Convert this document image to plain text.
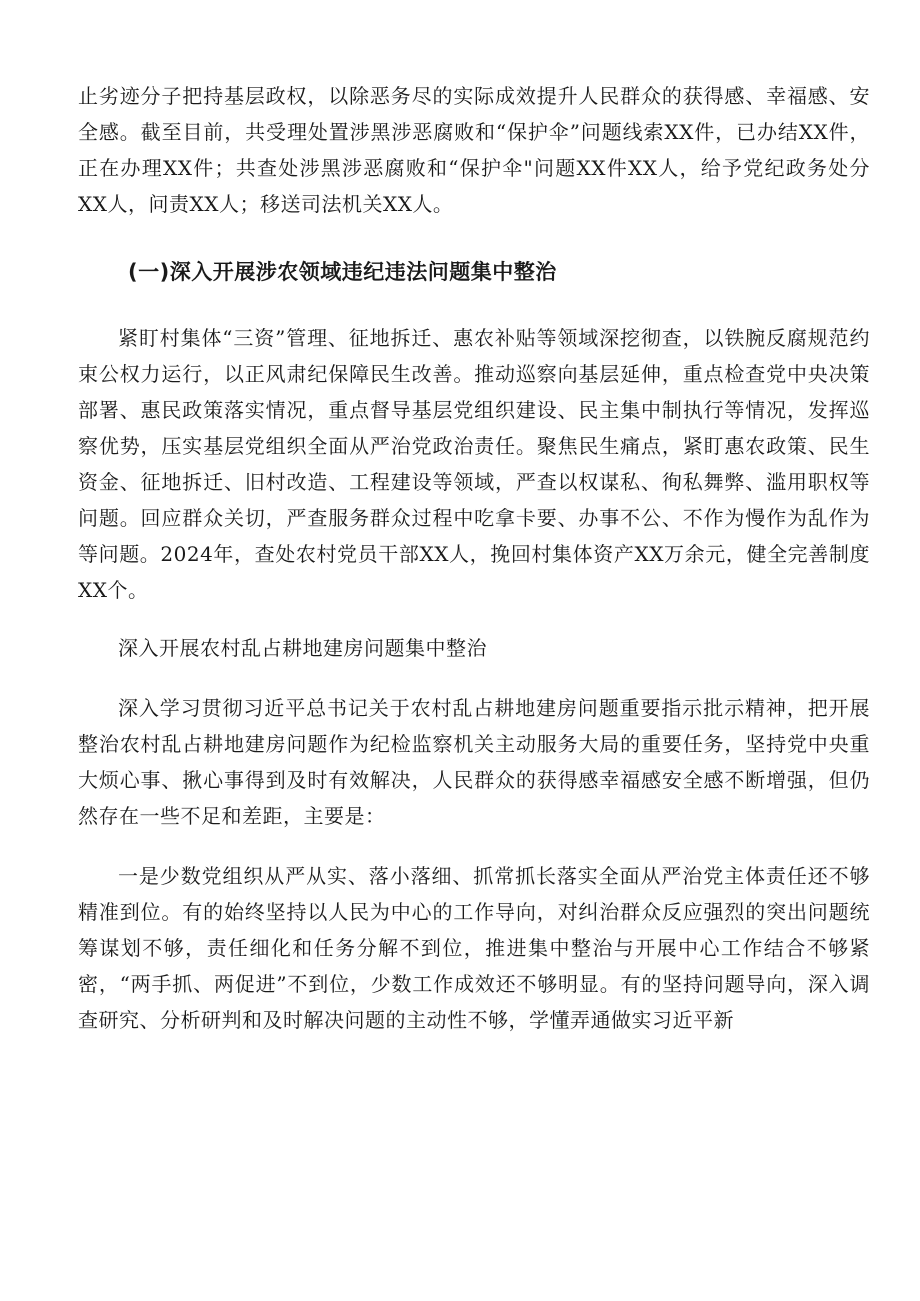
止劣迹分子把持基层政权，以除恶务尽的实际成效提升人民群众的获得感、幸福感、安全感。截至目前，共受理处置涉黑涉恶腐败和“保护伞”问题线索XX件，已办结XX件，正在办理XX件；共查处涉黑涉恶腐败和“保护伞"问题XX件XX人，给予党纪政务处分XX人，问责XX人；移送司法机关XX人。

(一)深入开展涉农领域违纪违法问题集中整治

紧盯村集体“三资”管理、征地拆迁、惠农补贴等领域深挖彻查，以铁腕反腐规范约束公权力运行，以正风肃纪保障民生改善。推动巡察向基层延伸，重点检查党中央决策部署、惠民政策落实情况，重点督导基层党组织建设、民主集中制执行等情况，发挥巡察优势，压实基层党组织全面从严治党政治责任。聚焦民生痛点，紧盯惠农政策、民生资金、征地拆迁、旧村改造、工程建设等领域，严查以权谋私、徇私舞弊、滥用职权等问题。回应群众关切，严查服务群众过程中吃拿卡要、办事不公、不作为慢作为乱作为等问题。2024年，查处农村党员干部XX人，挽回村集体资产XX万余元，健全完善制度XX个。

深入开展农村乱占耕地建房问题集中整治

深入学习贯彻习近平总书记关于农村乱占耕地建房问题重要指示批示精神，把开展整治农村乱占耕地建房问题作为纪检监察机关主动服务大局的重要任务，坚持党中央重大烦心事、揪心事得到及时有效解决，人民群众的获得感幸福感安全感不断增强，但仍然存在一些不足和差距，主要是：

一是少数党组织从严从实、落小落细、抓常抓长落实全面从严治党主体责任还不够精准到位。有的始终坚持以人民为中心的工作导向，对纠治群众反应强烈的突出问题统筹谋划不够，责任细化和任务分解不到位，推进集中整治与开展中心工作结合不够紧密，“两手抓、两促进”不到位，少数工作成效还不够明显。有的坚持问题导向，深入调查研究、分析研判和及时解决问题的主动性不够，学懂弄通做实习近平新
